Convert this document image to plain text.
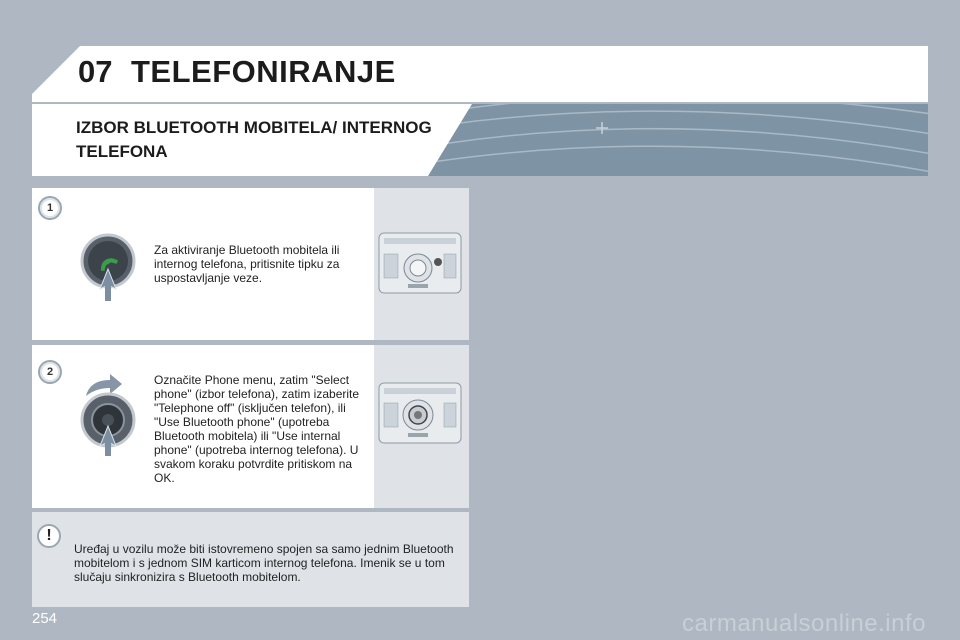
07 TELEFONIRANJE
IZBOR BLUETOOTH MOBITELA/ INTERNOG TELEFONA
1
Za aktiviranje Bluetooth mobitela ili internog telefona, pritisnite tipku za uspostavljanje veze.
2
Označite Phone menu, zatim "Select phone" (izbor telefona), zatim izaberite "Telephone off" (isključen telefon), ili "Use Bluetooth phone" (upotreba Bluetooth mobitela) ili "Use internal phone" (upotreba internog telefona). U svakom koraku potvrdite pritiskom na OK.
!
Uređaj u vozilu može biti istovremeno spojen sa samo jednim Bluetooth mobitelom i s jednom SIM karticom internog telefona. Imenik se u tom slučaju sinkronizira s Bluetooth mobitelom.
254	carmanualsonline.info
